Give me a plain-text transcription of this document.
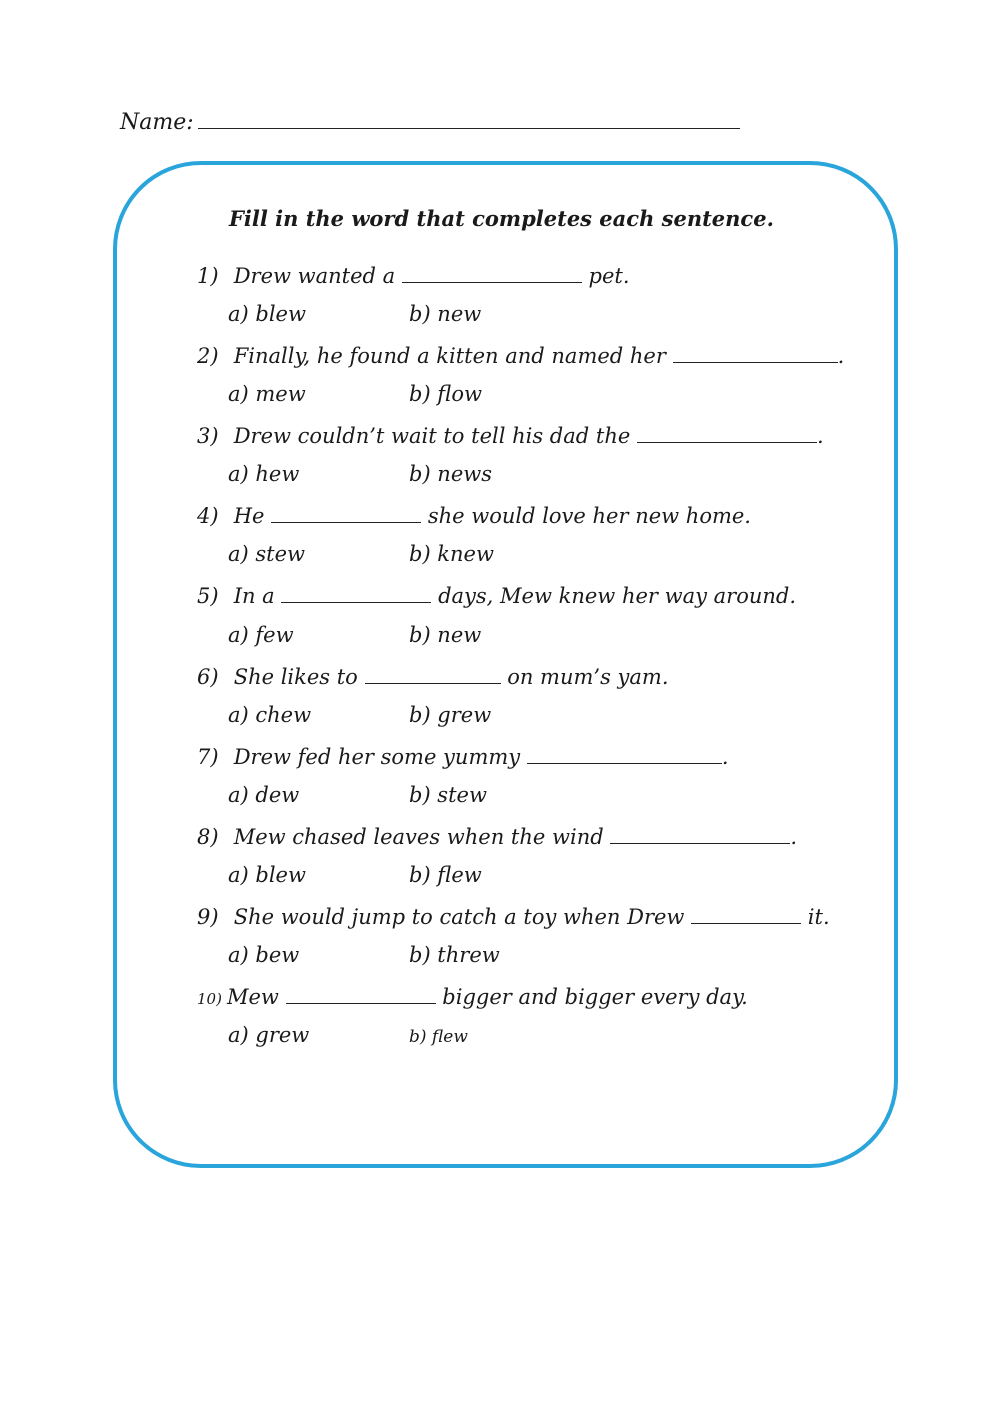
Name:
Fill in the word that completes each sentence.
1) Drew wanted a	pet.
a) blew	b) new
2) Finally, he found a kitten and named her	.
a) mew	b) flow
3) Drew couldn’t wait to tell his dad the	.
a) hew	b) news
4) He	she would love her new home.
a) stew	b) knew
5) In a	days, Mew knew her way around.
a) few	b) new
6) She likes to	on mum’s yam.
a) chew	b) grew
7) Drew fed her some yummy	.
a) dew	b) stew
8) Mew chased leaves when the wind	.
a) blew	b) flew
9) She would jump to catch a toy when Drew	it.
a) bew	b) threw
10) Mew	bigger and bigger every day.
a) grew	b) flew
